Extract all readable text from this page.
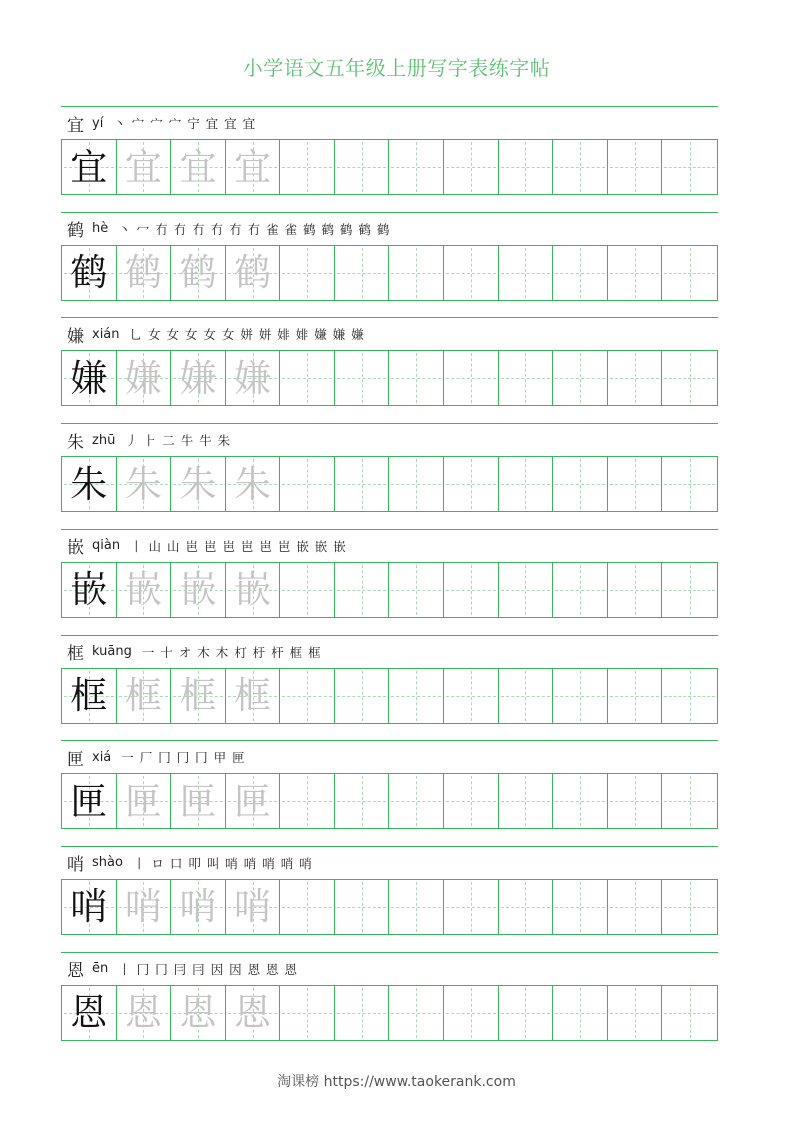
小学语文五年级上册写字表练字帖
宜 yí 丶 宀 宀 宀 宁 宜 宜 宜
宜 宜 宜 宜
鹤 hè 丶 冖 冇 冇 冇 冇 冇 冇 雀 雀 鹤 鹤 鹤 鹤 鹤
鹤 鹤 鹤 鹤
嫌 xián 乚 女 女 女 女 女 姘 姘 婔 婔 嫌 嫌 嫌
嫌 嫌 嫌 嫌
朱 zhū 丿 ⺊ 二 牛 牛 朱
朱 朱 朱 朱
嵌 qiàn 丨 山 山 岜 岜 岜 岜 岜 岜 嵌 嵌 嵌
嵌 嵌 嵌 嵌
框 kuāng 一 十 オ 木 木 朾 杅 杆 框 框
框 框 框 框
匣 xiá 一 厂 冂 冂 冂 甲 匣
匣 匣 匣 匣
哨 shào 丨 ロ 口 叩 叫 哨 哨 哨 哨 哨
哨 哨 哨 哨
恩 ēn 丨 冂 冂 冃 冃 因 因 恩 恩 恩
恩 恩 恩 恩
淘课榜 https://www.taokerank.com
